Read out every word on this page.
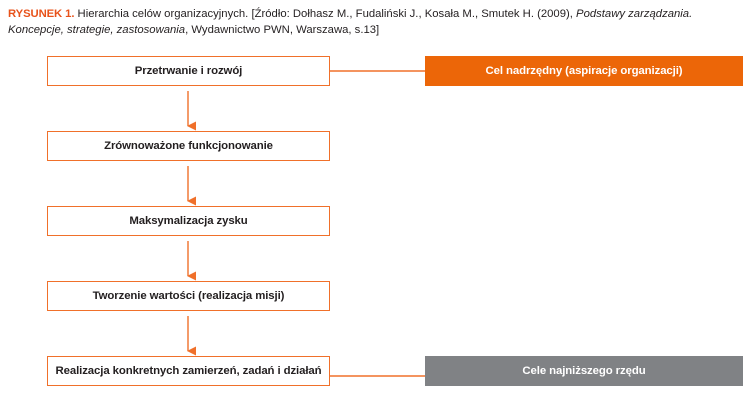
RYSUNEK 1. Hierarchia celów organizacyjnych. [Źródło: Dołhasz M., Fudaliński J., Kosała M., Smutek H. (2009), Podstawy zarządzania. Koncepcje, strategie, zastosowania, Wydawnictwo PWN, Warszawa, s.13]
Przetrwanie i rozwój
Zrównoważone funkcjonowanie
Maksymalizacja zysku
Tworzenie wartości (realizacja misji)
Realizacja konkretnych zamierzeń, zadań i działań
Cel nadrzędny (aspiracje organizacji)
Cele najniższego rzędu
